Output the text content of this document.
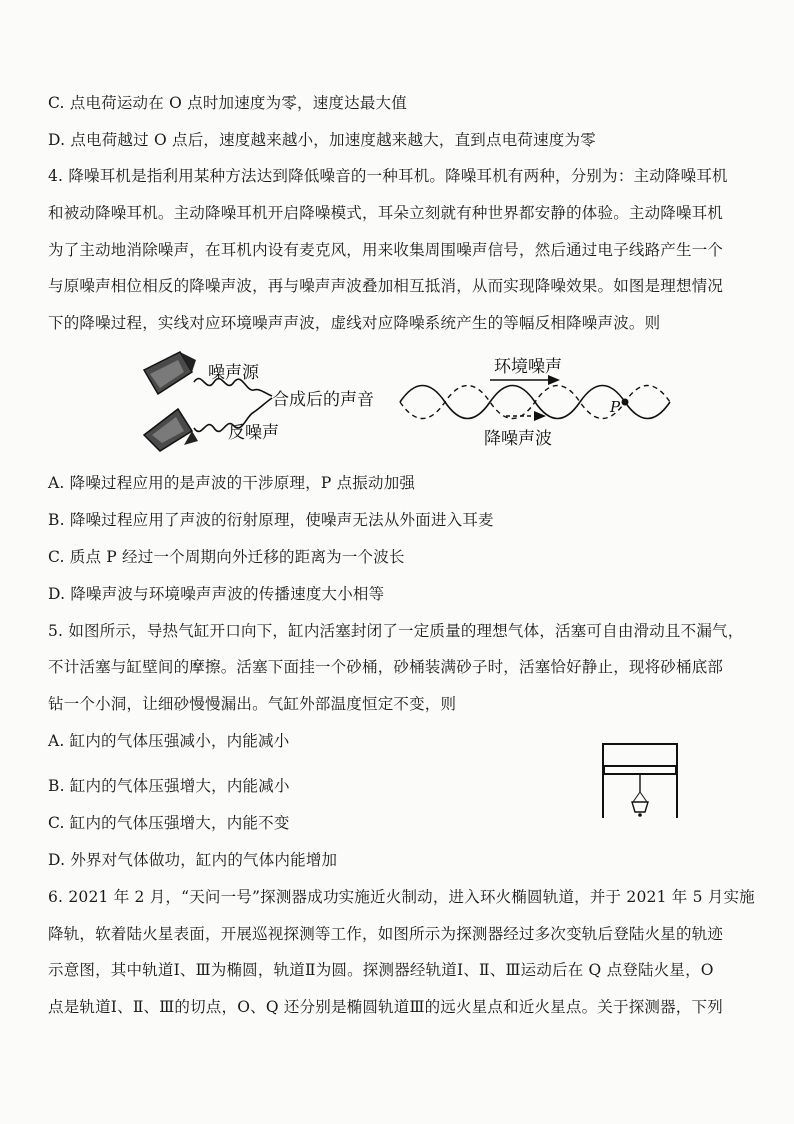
C. 点电荷运动在 O 点时加速度为零，速度达最大值
D. 点电荷越过 O 点后，速度越来越小，加速度越来越大，直到点电荷速度为零
4. 降噪耳机是指利用某种方法达到降低噪音的一种耳机。降噪耳机有两种，分别为：主动降噪耳机
和被动降噪耳机。主动降噪耳机开启降噪模式，耳朵立刻就有种世界都安静的体验。主动降噪耳机
为了主动地消除噪声，在耳机内设有麦克风，用来收集周围噪声信号，然后通过电子线路产生一个
与原噪声相位相反的降噪声波，再与噪声声波叠加相互抵消，从而实现降噪效果。如图是理想情况
下的降噪过程，实线对应环境噪声声波，虚线对应降噪系统产生的等幅反相降噪声波。则
噪声源
合成后的声音
反噪声
环境噪声
降噪声波
P
A. 降噪过程应用的是声波的干涉原理，P 点振动加强
B. 降噪过程应用了声波的衍射原理，使噪声无法从外面进入耳麦
C. 质点 P 经过一个周期向外迁移的距离为一个波长
D. 降噪声波与环境噪声声波的传播速度大小相等
5. 如图所示，导热气缸开口向下，缸内活塞封闭了一定质量的理想气体，活塞可自由滑动且不漏气，
不计活塞与缸壁间的摩擦。活塞下面挂一个砂桶，砂桶装满砂子时，活塞恰好静止，现将砂桶底部
钻一个小洞，让细砂慢慢漏出。气缸外部温度恒定不变，则
A. 缸内的气体压强减小，内能减小
B. 缸内的气体压强增大，内能减小
C. 缸内的气体压强增大，内能不变
D. 外界对气体做功，缸内的气体内能增加
6. 2021 年 2 月，“天问一号”探测器成功实施近火制动，进入环火椭圆轨道，并于 2021 年 5 月实施
降轨，软着陆火星表面，开展巡视探测等工作，如图所示为探测器经过多次变轨后登陆火星的轨迹
示意图，其中轨道Ⅰ、Ⅲ为椭圆，轨道Ⅱ为圆。探测器经轨道Ⅰ、Ⅱ、Ⅲ运动后在 Q 点登陆火星，O
点是轨道Ⅰ、Ⅱ、Ⅲ的切点，O、Q 还分别是椭圆轨道Ⅲ的远火星点和近火星点。关于探测器，下列
